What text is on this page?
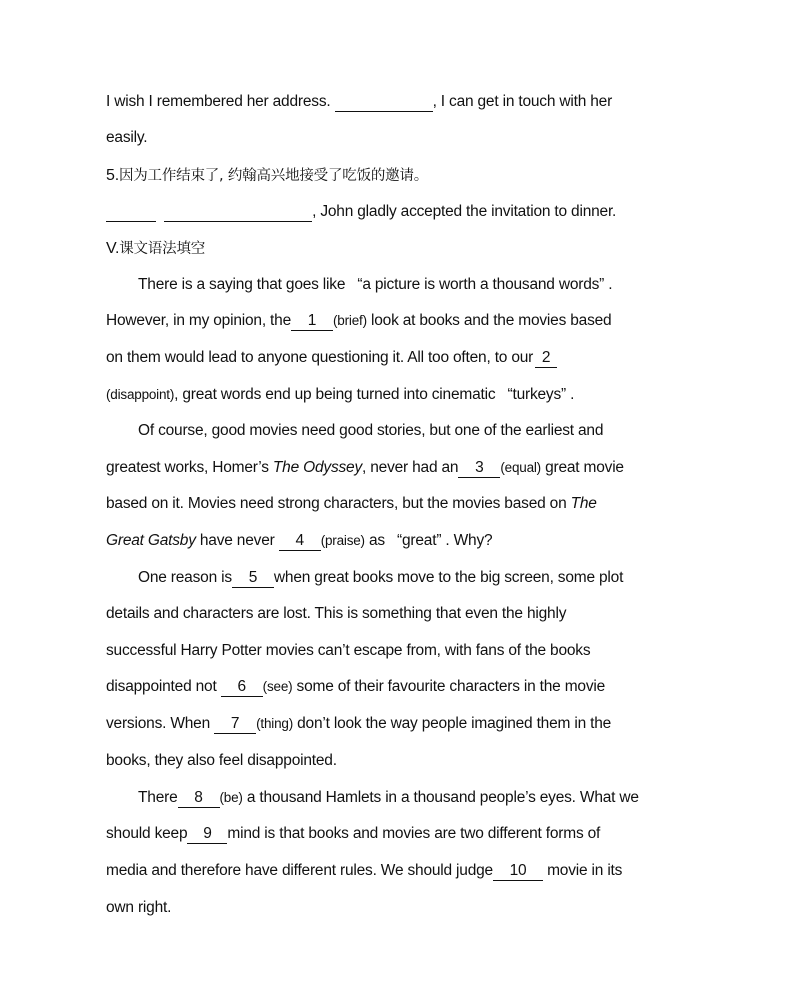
I wish I remembered her address.	, I can get in touch with her
easily.
5.因为工作结束了, 约翰高兴地接受了吃饭的邀请。
, John gladly accepted the invitation to dinner.
V.课文语法填空
There is a saying that goes like “a picture is worth a thousand words” .
However, in my opinion, the 1 (brief) look at books and the movies based
on them would lead to anyone questioning it. All too often, to our 2
(disappoint), great words end up being turned into cinematic “turkeys” .
Of course, good movies need good stories, but one of the earliest and
greatest works, Homer’s The Odyssey, never had an 3 (equal) great movie
based on it. Movies need strong characters, but the movies based on The
Great Gatsby have never 4 (praise) as “great” . Why?
One reason is 5 when great books move to the big screen, some plot
details and characters are lost. This is something that even the highly
successful Harry Potter movies can’t escape from, with fans of the books
disappointed not 6 (see) some of their favourite characters in the movie
versions. When 7 (thing) don’t look the way people imagined them in the
books, they also feel disappointed.
There 8 (be) a thousand Hamlets in a thousand people’s eyes. What we
should keep 9 mind is that books and movies are two different forms of
media and therefore have different rules. We should judge 10 movie in its
own right.
